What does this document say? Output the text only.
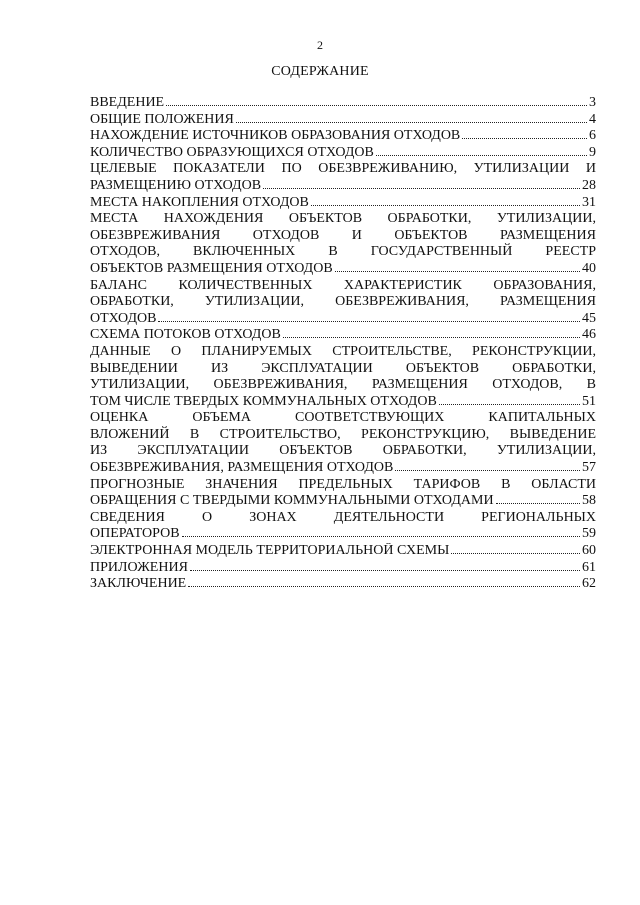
2
СОДЕРЖАНИЕ
ВВЕДЕНИЕ	3
ОБЩИЕ ПОЛОЖЕНИЯ	4
НАХОЖДЕНИЕ ИСТОЧНИКОВ ОБРАЗОВАНИЯ ОТХОДОВ	6
КОЛИЧЕСТВО ОБРАЗУЮЩИХСЯ ОТХОДОВ	9
ЦЕЛЕВЫЕ ПОКАЗАТЕЛИ ПО ОБЕЗВРЕЖИВАНИЮ, УТИЛИЗАЦИИ И
РАЗМЕЩЕНИЮ ОТХОДОВ	28
МЕСТА НАКОПЛЕНИЯ ОТХОДОВ	31
МЕСТА НАХОЖДЕНИЯ ОБЪЕКТОВ ОБРАБОТКИ, УТИЛИЗАЦИИ,
ОБЕЗВРЕЖИВАНИЯ ОТХОДОВ И ОБЪЕКТОВ РАЗМЕЩЕНИЯ
ОТХОДОВ, ВКЛЮЧЕННЫХ В ГОСУДАРСТВЕННЫЙ РЕЕСТР
ОБЪЕКТОВ РАЗМЕЩЕНИЯ ОТХОДОВ	40
БАЛАНС КОЛИЧЕСТВЕННЫХ ХАРАКТЕРИСТИК ОБРАЗОВАНИЯ,
ОБРАБОТКИ, УТИЛИЗАЦИИ, ОБЕЗВРЕЖИВАНИЯ, РАЗМЕЩЕНИЯ
ОТХОДОВ	45
СХЕМА ПОТОКОВ ОТХОДОВ	46
ДАННЫЕ О ПЛАНИРУЕМЫХ СТРОИТЕЛЬСТВЕ, РЕКОНСТРУКЦИИ,
ВЫВЕДЕНИИ ИЗ ЭКСПЛУАТАЦИИ ОБЪЕКТОВ ОБРАБОТКИ,
УТИЛИЗАЦИИ, ОБЕЗВРЕЖИВАНИЯ, РАЗМЕЩЕНИЯ ОТХОДОВ, В
ТОМ ЧИСЛЕ ТВЕРДЫХ КОММУНАЛЬНЫХ ОТХОДОВ	51
ОЦЕНКА ОБЪЕМА СООТВЕТСТВУЮЩИХ КАПИТАЛЬНЫХ
ВЛОЖЕНИЙ В СТРОИТЕЛЬСТВО, РЕКОНСТРУКЦИЮ, ВЫВЕДЕНИЕ
ИЗ ЭКСПЛУАТАЦИИ ОБЪЕКТОВ ОБРАБОТКИ, УТИЛИЗАЦИИ,
ОБЕЗВРЕЖИВАНИЯ, РАЗМЕЩЕНИЯ ОТХОДОВ	57
ПРОГНОЗНЫЕ ЗНАЧЕНИЯ ПРЕДЕЛЬНЫХ ТАРИФОВ В ОБЛАСТИ
ОБРАЩЕНИЯ С ТВЕРДЫМИ КОММУНАЛЬНЫМИ ОТХОДАМИ	58
СВЕДЕНИЯ О ЗОНАХ ДЕЯТЕЛЬНОСТИ РЕГИОНАЛЬНЫХ
ОПЕРАТОРОВ	59
ЭЛЕКТРОННАЯ МОДЕЛЬ ТЕРРИТОРИАЛЬНОЙ СХЕМЫ	60
ПРИЛОЖЕНИЯ	61
ЗАКЛЮЧЕНИЕ	62
